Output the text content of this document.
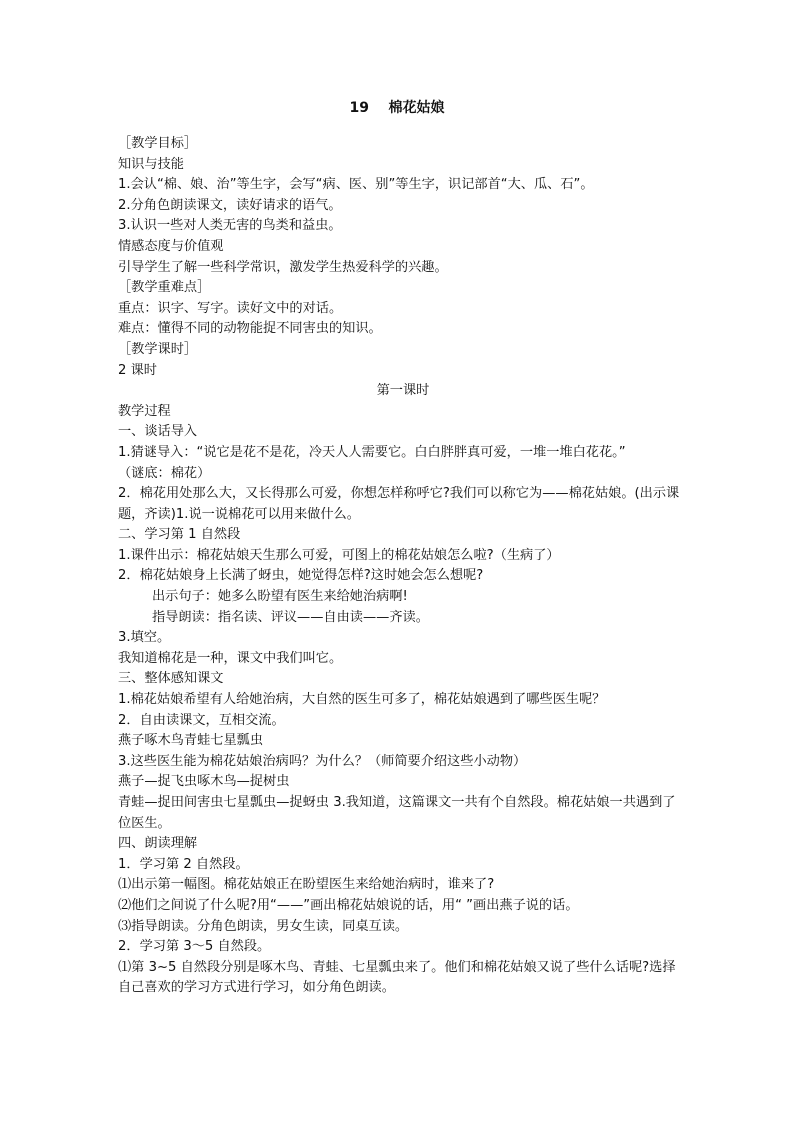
19    棉花姑娘
［教学目标］
知识与技能
1.会认“棉、娘、治”等生字，会写“病、医、别”等生字，识记部首“大、瓜、石”。
2.分角色朗读课文，读好请求的语气。
3.认识一些对人类无害的鸟类和益虫。
情感态度与价值观
引导学生了解一些科学常识，激发学生热爱科学的兴趣。
［教学重难点］
重点：识字、写字。读好文中的对话。
难点：懂得不同的动物能捉不同害虫的知识。
［教学课时］
2 课时
第一课时
教学过程
一、谈话导入
1.猜谜导入：“说它是花不是花，冷天人人需要它。白白胖胖真可爱，一堆一堆白花花。”
（谜底：棉花）
2．棉花用处那么大，又长得那么可爱，你想怎样称呼它?我们可以称它为——棉花姑娘。(出示课题，齐读)1.说一说棉花可以用来做什么。
二、学习第 1 自然段
1.课件出示：棉花姑娘天生那么可爱，可图上的棉花姑娘怎么啦?（生病了）
2．棉花姑娘身上长满了蚜虫，她觉得怎样?这时她会怎么想呢?
出示句子：她多么盼望有医生来给她治病啊!
指导朗读：指名读、评议——自由读——齐读。
3.填空。
我知道棉花是一种，课文中我们叫它。
三、整体感知课文
1.棉花姑娘希望有人给她治病，大自然的医生可多了，棉花姑娘遇到了哪些医生呢？
2．自由读课文，互相交流。
燕子啄木鸟青蛙七星瓢虫
3.这些医生能为棉花姑娘治病吗？为什么？（师简要介绍这些小动物）
燕子—捉飞虫啄木鸟—捉树虫
青蛙—捉田间害虫七星瓢虫—捉蚜虫 3.我知道，这篇课文一共有个自然段。棉花姑娘一共遇到了位医生。
四、朗读理解
1．学习第 2 自然段。
⑴出示第一幅图。棉花姑娘正在盼望医生来给她治病时，谁来了?
⑵他们之间说了什么呢?用“——”画出棉花姑娘说的话，用“ ”画出燕子说的话。
⑶指导朗读。分角色朗读，男女生读，同桌互读。
2．学习第 3～5 自然段。
⑴第 3~5 自然段分别是啄木鸟、青蛙、七星瓢虫来了。他们和棉花姑娘又说了些什么话呢?选择自己喜欢的学习方式进行学习，如分角色朗读。
